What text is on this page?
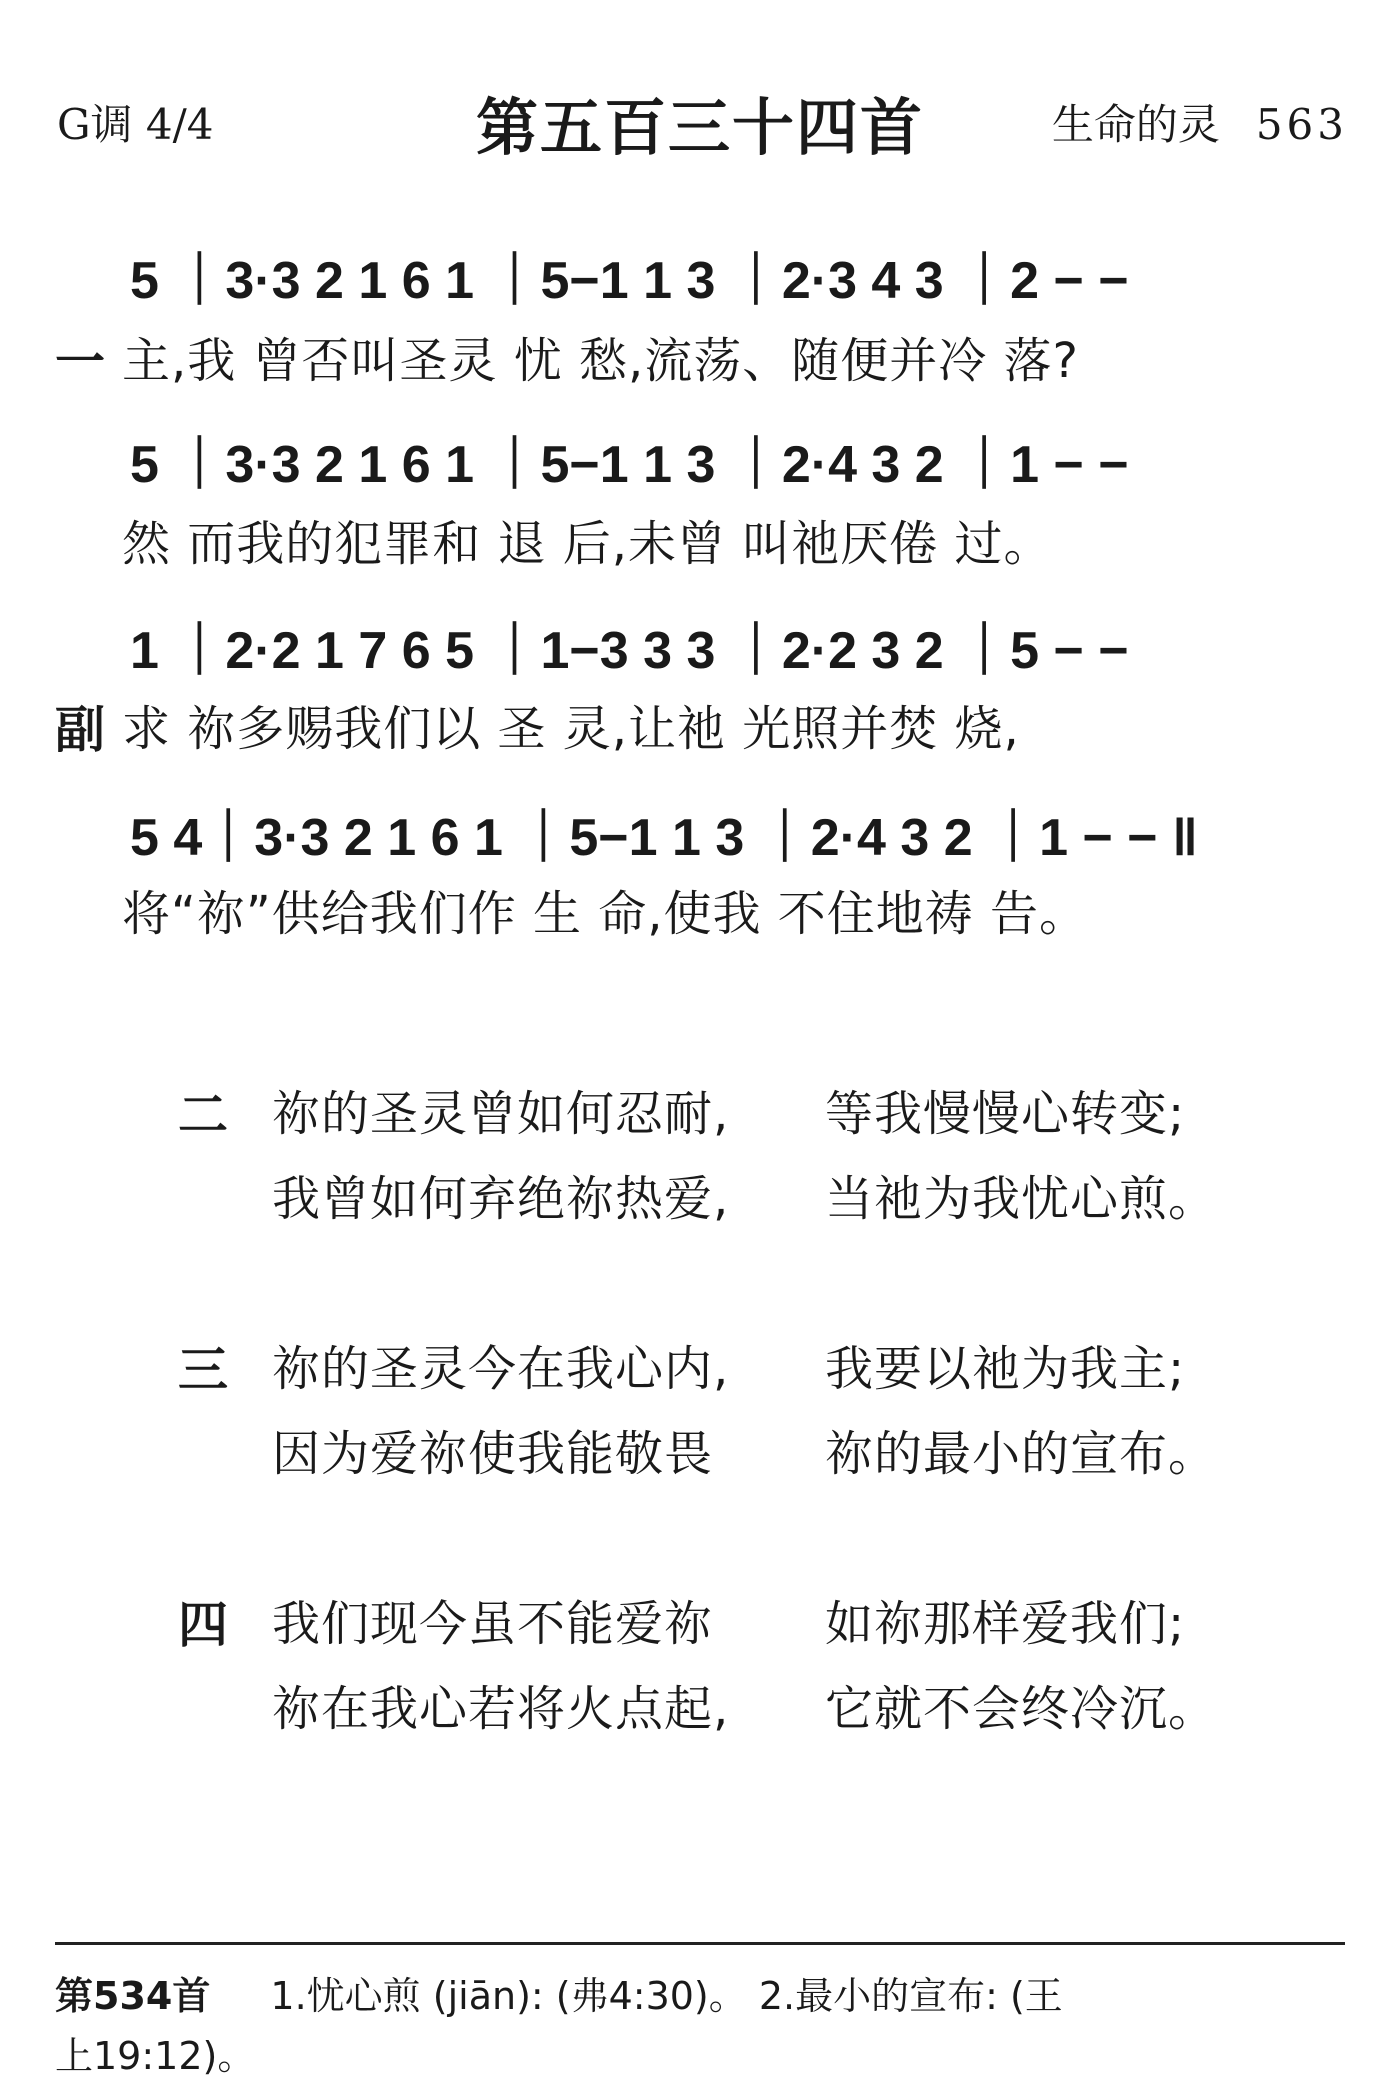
G调 4/4	第五百三十四首	生命的灵 563
5 ｜3·3 2 1 6 1 ｜5−1 1 3 ｜2·3 4 3 ｜2 − −
一 主,我 曾否叫圣灵 忧 愁,流荡、随便并冷 落?
5 ｜3·3 2 1 6 1 ｜5−1 1 3 ｜2·4 3 2 ｜1 − −
然 而我的犯罪和 退 后,未曾 叫祂厌倦 过。
1 ｜2·2 1 7 6 5 ｜1−3 3 3 ｜2·2 3 2 ｜5 − −
副 求 祢多赐我们以 圣 灵,让祂 光照并焚 烧,
5 4｜3·3 2 1 6 1 ｜5−1 1 3 ｜2·4 3 2 ｜1 − − ‖
将“祢”供给我们作 生 命,使我 不住地祷 告。
二 祢的圣灵曾如何忍耐, 等我慢慢心转变;
我曾如何弃绝祢热爱, 当祂为我忧心煎。
三 祢的圣灵今在我心内, 我要以祂为我主;
因为爱祢使我能敬畏 祢的最小的宣布。
四 我们现今虽不能爱祢 如祢那样爱我们;
祢在我心若将火点起, 它就不会终冷沉。
第534首 1.忧心煎 (jiān): (弗4:30)。 2.最小的宣布: (王
上19:12)。
